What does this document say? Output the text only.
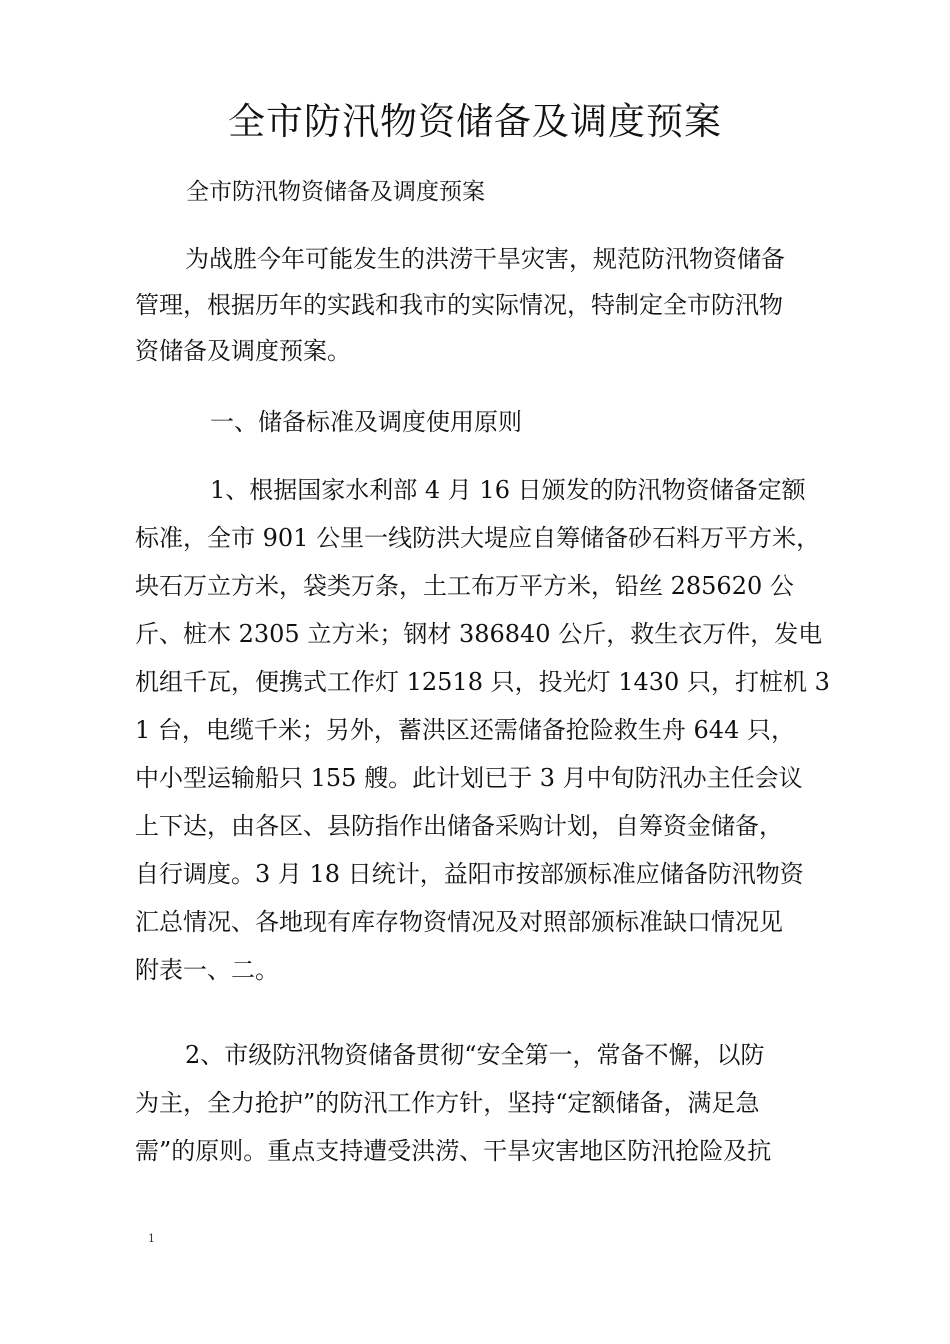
全市防汛物资储备及调度预案
全市防汛物资储备及调度预案
为战胜今年可能发生的洪涝干旱灾害，规范防汛物资储备
管理，根据历年的实践和我市的实际情况，特制定全市防汛物
资储备及调度预案。
一、储备标准及调度使用原则
1、根据国家水利部 4 月 16 日颁发的防汛物资储备定额
标准，全市 901 公里一线防洪大堤应自筹储备砂石料万平方米，
块石万立方米，袋类万条，土工布万平方米，铅丝 285620 公
斤、桩木 2305 立方米；钢材 386840 公斤，救生衣万件，发电
机组千瓦，便携式工作灯 12518 只，投光灯 1430 只，打桩机 3
1 台，电缆千米；另外，蓄洪区还需储备抢险救生舟 644 只，
中小型运输船只 155 艘。此计划已于 3 月中旬防汛办主任会议
上下达，由各区、县防指作出储备采购计划，自筹资金储备，
自行调度。3 月 18 日统计，益阳市按部颁标准应储备防汛物资
汇总情况、各地现有库存物资情况及对照部颁标准缺口情况见
附表一、二。
2、市级防汛物资储备贯彻“安全第一，常备不懈，以防
为主，全力抢护”的防汛工作方针，坚持“定额储备，满足急
需”的原则。重点支持遭受洪涝、干旱灾害地区防汛抢险及抗
1
